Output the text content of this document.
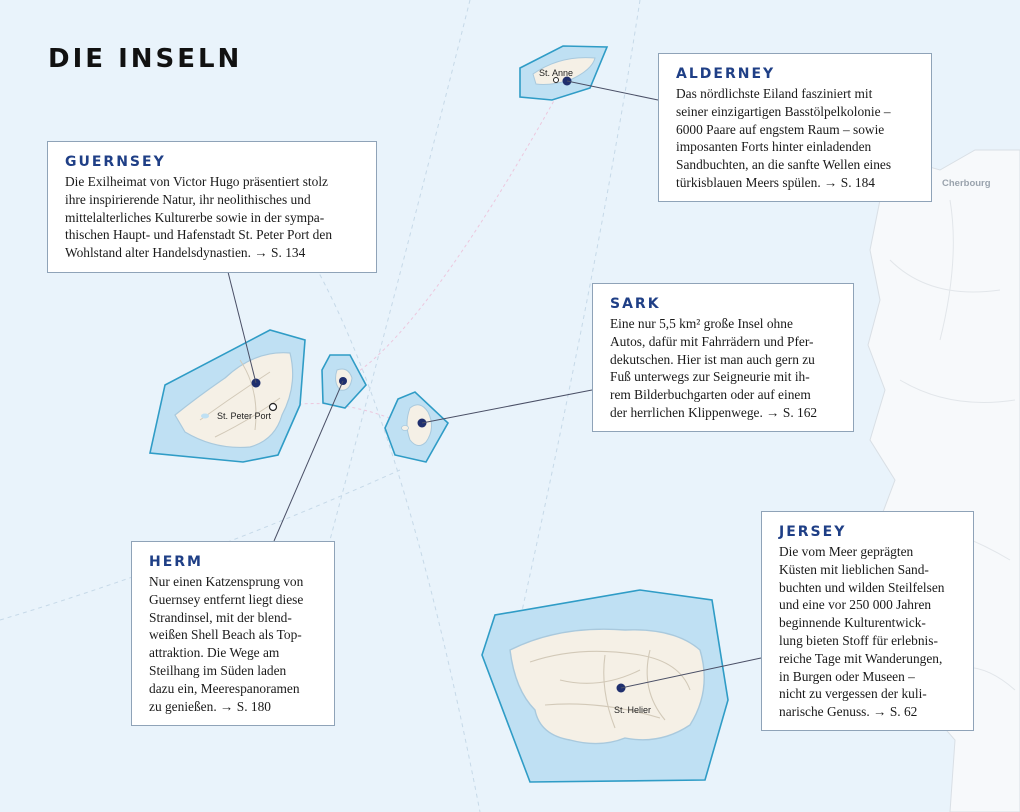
St. Anne
St. Peter Port
St. Helier
Cherbourg
DIE INSELN
GUERNSEY

Die Exilheimat von Victor Hugo präsentiert stolz
ihre inspirierende Natur, ihr neolithisches und
mittelalterliches Kulturerbe sowie in der sympa-
thischen Haupt- und Hafenstadt St. Peter Port den
Wohlstand alter Handelsdynastien. → S. 134

ALDERNEY

Das nördlichste Eiland fasziniert mit
seiner einzigartigen Basstölpelkolonie –
6000 Paare auf engstem Raum – sowie
imposanten Forts hinter einladenden
Sandbuchten, an die sanfte Wellen eines
türkisblauen Meers spülen. → S. 184

SARK

Eine nur 5,5 km² große Insel ohne
Autos, dafür mit Fahrrädern und Pfer-
dekutschen. Hier ist man auch gern zu
Fuß unterwegs zur Seigneurie mit ih-
rem Bilderbuchgarten oder auf einem
der herrlichen Klippenwege. → S. 162

HERM

Nur einen Katzensprung von
Guernsey entfernt liegt diese
Strandinsel, mit der blend-
weißen Shell Beach als Top-
attraktion. Die Wege am
Steilhang im Süden laden
dazu ein, Meerespanoramen
zu genießen. → S. 180

JERSEY

Die vom Meer geprägten
Küsten mit lieblichen Sand-
buchten und wilden Steilfelsen
und eine vor 250 000 Jahren
beginnende Kulturentwick-
lung bieten Stoff für erlebnis-
reiche Tage mit Wanderungen,
in Burgen oder Museen –
nicht zu vergessen der kuli-
narische Genuss. → S. 62
